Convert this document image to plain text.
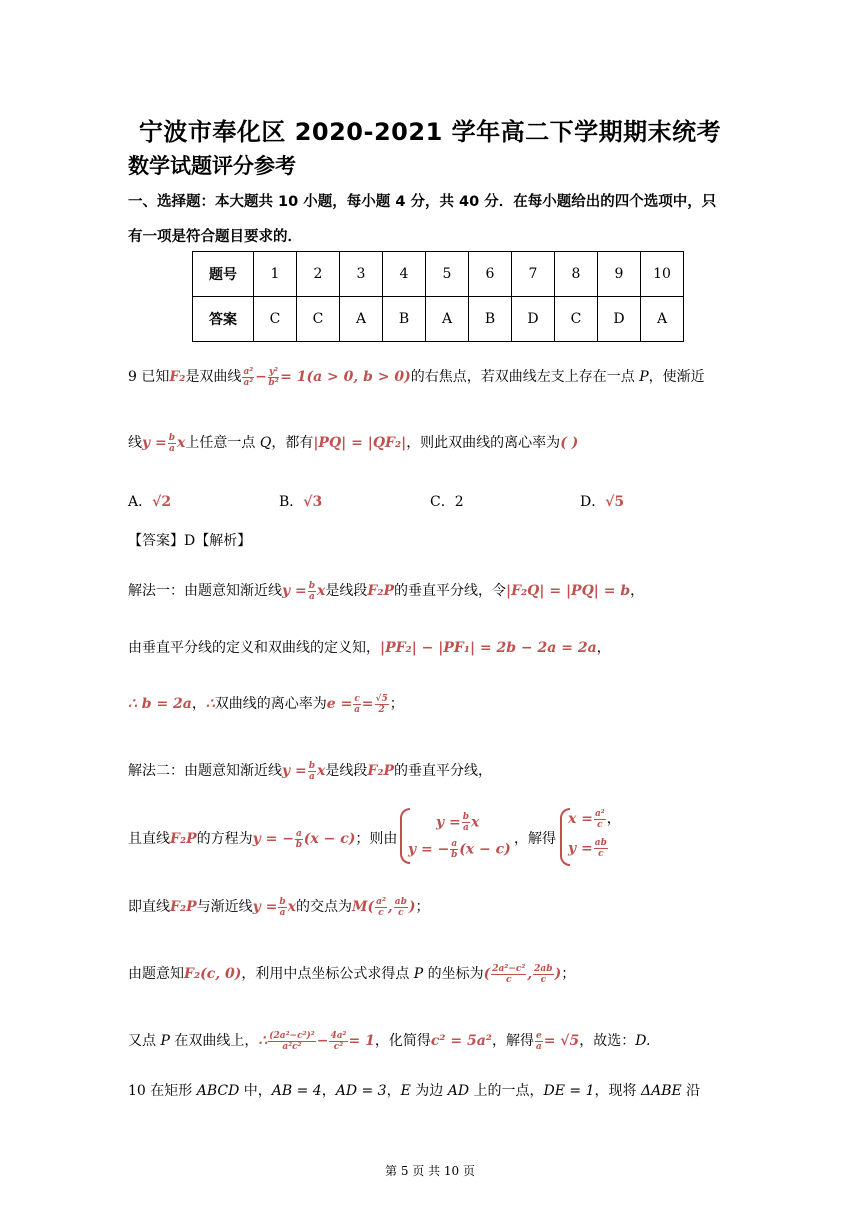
宁波市奉化区 2020-2021 学年高二下学期期末统考
数学试题评分参考
一、选择题：本大题共 10 小题，每小题 4 分，共 40 分．在每小题给出的四个选项中，只
有一项是符合题目要求的．
题号	1	2	3	4	5	6	7	8	9	10
答案	C	C	A	B	A	B	D	C	D	A
9 已知F₂是双曲线 $\frac{\text{a²}}{\text{a²}} - \frac{\text{y²}}{\text{b²}} = 1(a > 0$, b > 0)的右焦点，若双曲线左支上存在一点 P，使渐近
线$y = \frac{b}{a}$ x上任意一点 Q，都有|PQ| = |QF₂|，则此双曲线的离心率为( )
A．√2	B．√3	C．2	D．√5
【答案】D【解析】
解法一：由题意知渐近线$y = \frac{b}{a}$ x是线段F₂P的垂直平分线，令|F₂Q| = |PQ| = b，
由垂直平分线的定义和双曲线的定义知，|PF₂| − |PF₁| = 2b − 2a = 2a，
∴ b = 2a，∴双曲线的离心率为$e = \frac{c}{a} = \frac{√5}{2}$ ；
解法二：由题意知渐近线$y = \frac{b}{a}$ x是线段F₂P的垂直平分线，
且直线F₂P的方程为y = − $\frac{a}{b} (x - c)$；则由
$y = \frac{b}{a}$ x
y = − $\frac{a}{b} (x - c)$
，解得
$x = \frac{\text{a²}}{c}$ ，
$y = \frac{ab}{c}$
即直线F₂P与渐近线$y = \frac{b}{a}$ x的交点为$M( \frac{\text{a²}}{c}$ , $\frac{ab}{c}$ )；
由题意知F₂(c, 0)，利用中点坐标公式求得点 P 的坐标为( $\frac{\text{2a²−c²}}{c}$ , $\frac{2ab}{c}$ )；
又点 P 在双曲线上，∴ $\frac{\text{(2a²−c²)²}}{\text{a²c²}} - \frac{\text{4a²}}{\text{c²}} = 1$，化简得c² = 5a²，解得 $\frac{e}{a} = √5$，故选：D.
10 在矩形 ABCD 中，AB = 4，AD = 3，E 为边 AD 上的一点，DE = 1，现将 ΔABE 沿
第 5 页 共 10 页
